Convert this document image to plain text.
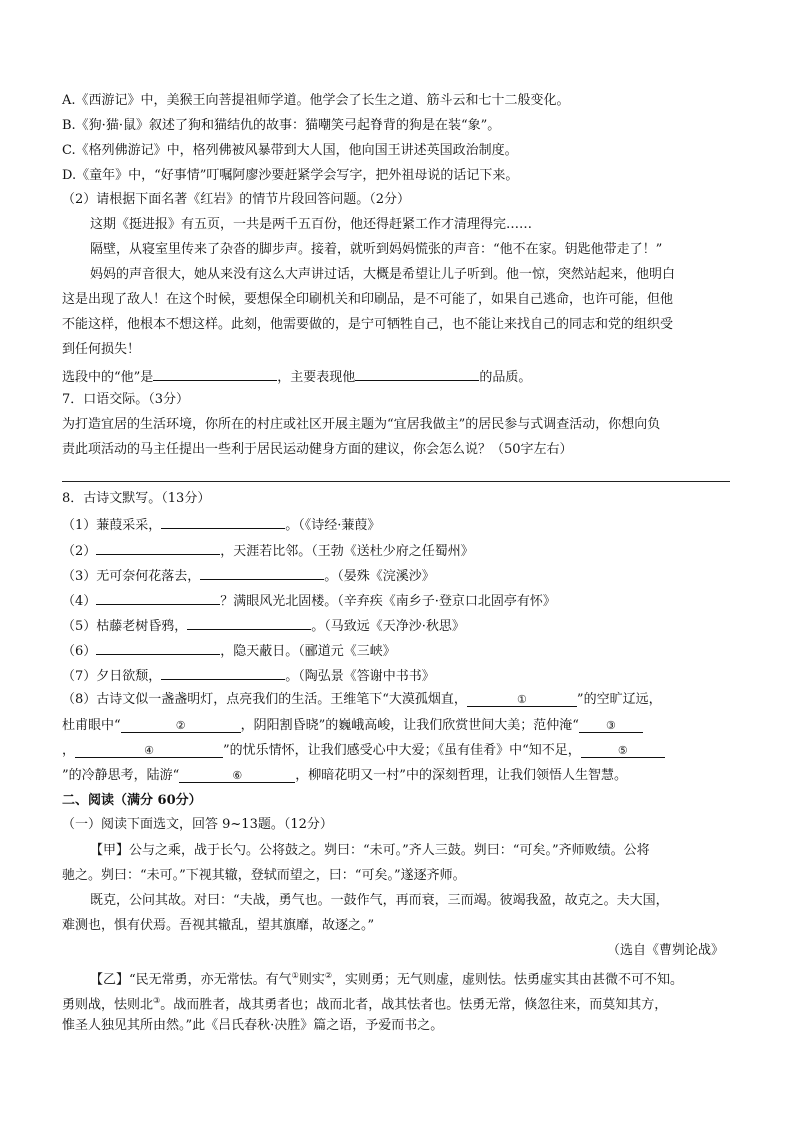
A.《西游记》中，美猴王向菩提祖师学道。他学会了长生之道、筋斗云和七十二般变化。
B.《狗·猫·鼠》叙述了狗和猫结仇的故事：猫嘲笑弓起脊背的狗是在装“象”。
C.《格列佛游记》中，格列佛被风暴带到大人国，他向国王讲述英国政治制度。
D.《童年》中，“好事情”叮嘱阿廖沙要赶紧学会写字，把外祖母说的话记下来。
（2）请根据下面名著《红岩》的情节片段回答问题。（2分）
这期《挺进报》有五页，一共是两千五百份，他还得赶紧工作才清理得完……
隔壁，从寝室里传来了杂沓的脚步声。接着，就听到妈妈慌张的声音：“他不在家。钥匙他带走了！”
妈妈的声音很大，她从来没有这么大声讲过话，大概是希望让儿子听到。他一惊，突然站起来，他明白
这是出现了敌人！在这个时候，要想保全印刷机关和印刷品，是不可能了，如果自己逃命，也许可能，但他
不能这样，他根本不想这样。此刻，他需要做的，是宁可牺牲自己，也不能让来找自己的同志和党的组织受
到任何损失！
选段中的“他”是	，主要表现他	的品质。
7．口语交际。（3分）
为打造宜居的生活环境，你所在的村庄或社区开展主题为“宜居我做主”的居民参与式调查活动，你想向负
责此项活动的马主任提出一些利于居民运动健身方面的建议，你会怎么说？（50字左右）
8．古诗文默写。（13分）
（1）蒹葭采采，	。（《诗经·蒹葭》
（2）	，天涯若比邻。（王勃《送杜少府之任蜀州》
（3）无可奈何花落去，	。（晏殊《浣溪沙》
（4）	？满眼风光北固楼。（辛弃疾《南乡子·登京口北固亭有怀》
（5）枯藤老树昏鸦，	。（马致远《天净沙·秋思》
（6）	，隐天蔽日。（郦道元《三峡》
（7）夕日欲颓，	。（陶弘景《答谢中书书》
（8）古诗文似一盏盏明灯，点亮我们的生活。王维笔下“大漠孤烟直，	①	”的空旷辽远，
杜甫眼中“	②	，阴阳割昏晓”的巍峨高峻，让我们欣赏世间大美；范仲淹“ ③
，	④	”的忧乐情怀，让我们感受心中大爱；《虽有佳肴》中“知不足，	⑤
”的冷静思考，陆游“	⑥	，柳暗花明又一村”中的深刻哲理，让我们领悟人生智慧。
二、阅读（满分 60分）
（一）阅读下面选文，回答 9~13题。（12分）
【甲】公与之乘，战于长勺。公将鼓之。刿曰：“未可。”齐人三鼓。刿曰：“可矣。”齐师败绩。公将
驰之。刿曰：“未可。”下视其辙，登轼而望之，曰：“可矣。”遂逐齐师。
既克，公问其故。对曰：“夫战，勇气也。一鼓作气，再而衰，三而竭。彼竭我盈，故克之。夫大国，
难测也，惧有伏焉。吾视其辙乱，望其旗靡，故逐之。”
（选自《曹刿论战》
【乙】“民无常勇，亦无常怯。有气①则实②，实则勇；无气则虚，虚则怯。怯勇虚实其由甚微不可不知。
勇则战，怯则北③。战而胜者，战其勇者也；战而北者，战其怯者也。怯勇无常，倏忽往来，而莫知其方，
惟圣人独见其所由然。”此《吕氏春秋·决胜》篇之语，予爱而书之。
